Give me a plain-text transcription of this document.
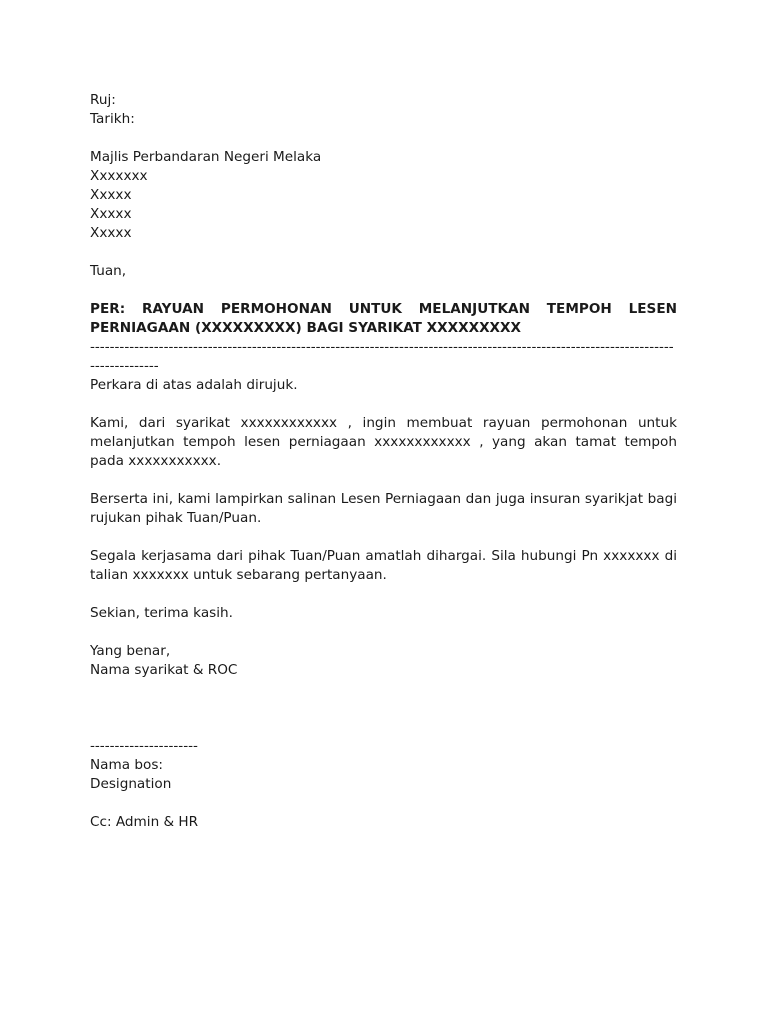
Ruj:
Tarikh:
Majlis Perbandaran Negeri Melaka
Xxxxxxx
Xxxxx
Xxxxx
Xxxxx
Tuan,
PER: RAYUAN PERMOHONAN UNTUK MELANJUTKAN TEMPOH LESEN PERNIAGAAN (XXXXXXXXX) BAGI SYARIKAT XXXXXXXXX
-------------------------------------------------------------------------------------------------------------------------------------
Perkara di atas adalah dirujuk.
Kami, dari syarikat xxxxxxxxxxxx , ingin membuat rayuan permohonan untuk melanjutkan tempoh lesen perniagaan xxxxxxxxxxxx , yang akan tamat tempoh pada xxxxxxxxxxx.
Berserta ini, kami lampirkan salinan Lesen Perniagaan dan juga insuran syarikjat bagi rujukan pihak Tuan/Puan.
Segala kerjasama dari pihak Tuan/Puan amatlah dihargai. Sila hubungi Pn xxxxxxx di talian xxxxxxx untuk sebarang pertanyaan.
Sekian, terima kasih.
Yang benar,
Nama syarikat & ROC
----------------------
Nama bos:
Designation
Cc: Admin & HR
